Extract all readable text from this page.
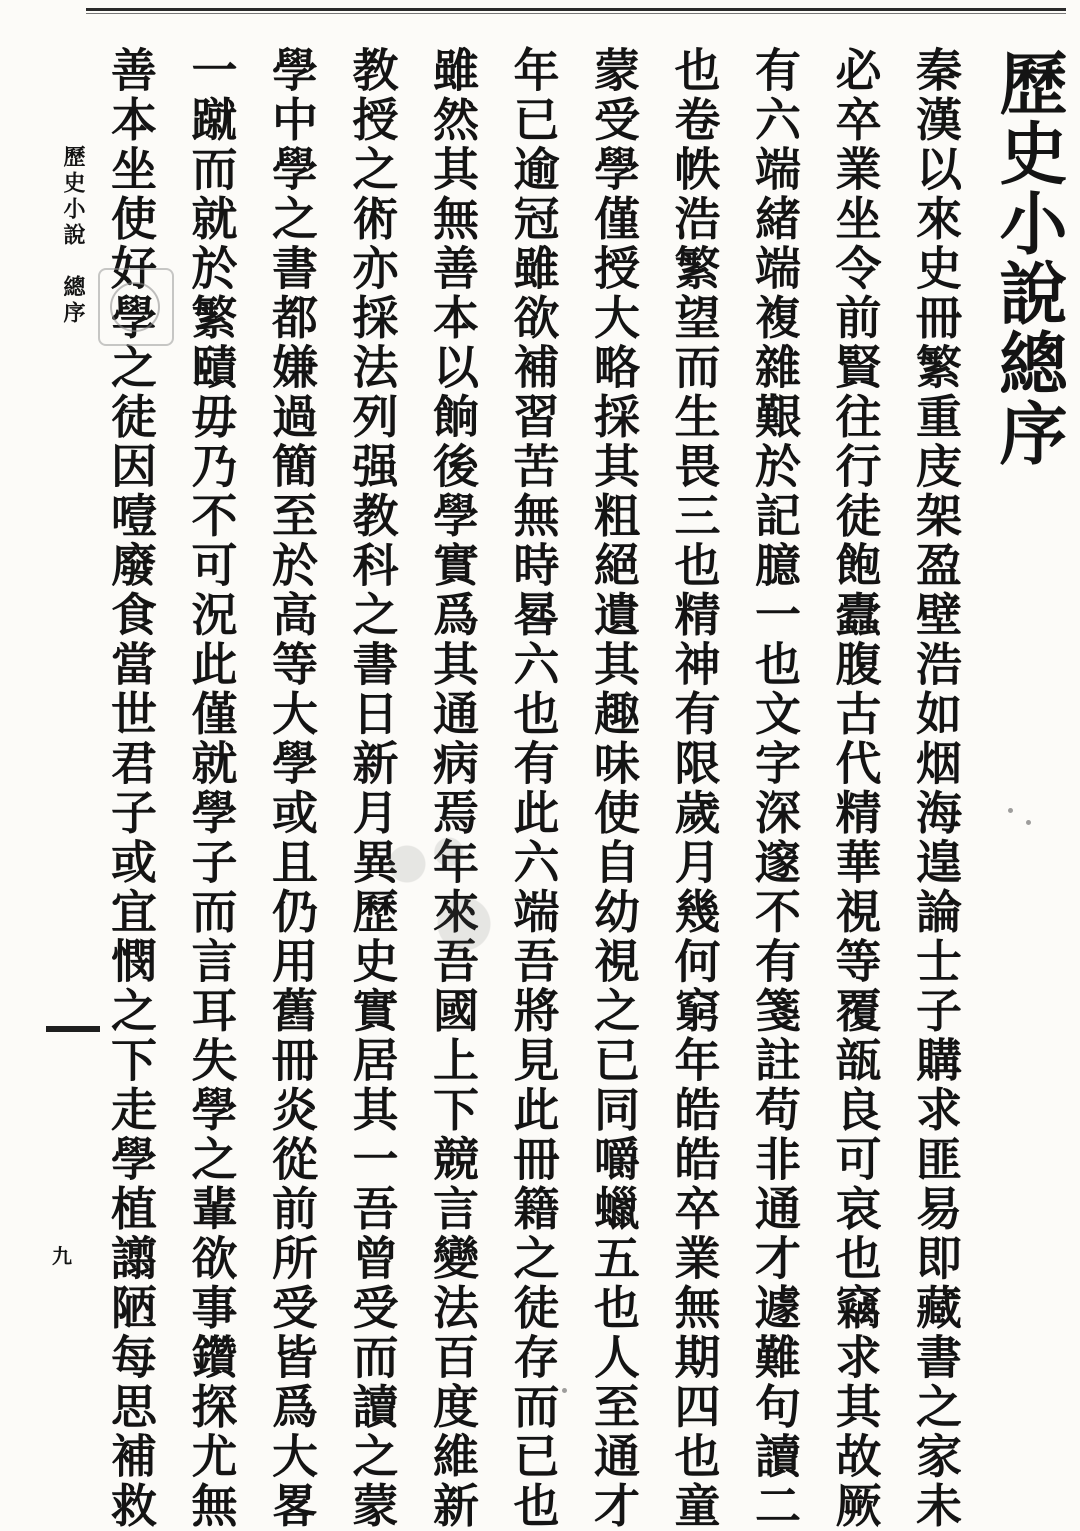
歷史小說總序
秦漢以來史冊繁重庋架盈壁浩如烟海遑論士子購求匪易即藏書之家未
必卒業坐令前賢往行徒飽蠹腹古代精華視等覆瓿良可哀也竊求其故厥
有六端緒端複雜艱於記臆一也文字深邃不有箋註苟非通才遽難句讀二
也卷帙浩繁望而生畏三也精神有限歲月幾何窮年皓皓卒業無期四也童
蒙受學僅授大略採其粗絕遺其趣味使自幼視之已同嚼蠟五也人至通才
年已逾冠雖欲補習苦無時晷六也有此六端吾將見此冊籍之徒存而已也
雖然其無善本以餉後學實爲其通病焉年來吾國上下競言變法百度維新
教授之術亦採法列强教科之書日新月異歷史實居其一吾曾受而讀之蒙
學中學之書都嫌過簡至於高等大學或且仍用舊冊炎從前所受皆爲大畧
一蹴而就於繁賾毋乃不可況此僅就學子而言耳失學之輩欲事鑽探尤無
善本坐使好學之徒因噎廢食當世君子或宜憫之下走學植譾陋每思補救
歷史小說　總序
九
